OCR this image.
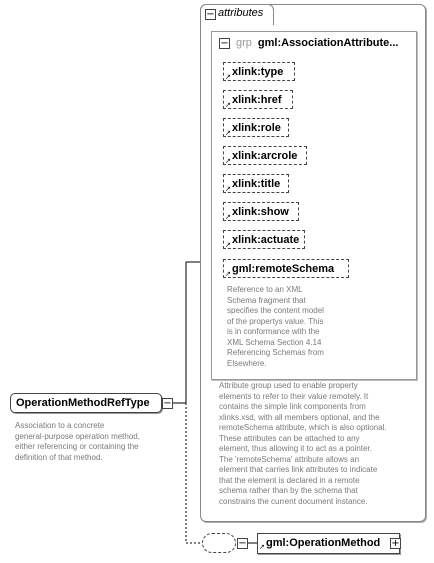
− attributes
− grp gml:AssociationAttribute...
↗ xlink:type
↗ xlink:href
↗ xlink:role
↗ xlink:arcrole
↗ xlink:title
↗ xlink:show
↗ xlink:actuate
↗ gml:remoteSchema
Reference to an XML
Schema fragment that
specifies the content model
of the propertys value. This
is in conformance with the
XML Schema Section 4.14
Referencing Schemas from
Elsewhere.
Attribute group used to enable property
elements to refer to their value remotely. It
contains the simple link components from
xlinks.xsd, with all members optional, and the
remoteSchema attribute, which is also optional.
These attributes can be attached to any
element, thus allowing it to act as a pointer.
The 'remoteSchema' attribute allows an
element that carries link attributes to indicate
that the element is declared in a remote
schema rather than by the schema that
constrains the current document instance.
OperationMethodRefType	−
Association to a concrete
general-purpose operation method,
either referencing or containing the
definition of that method.
− ↗ gml:OperationMethod	+
